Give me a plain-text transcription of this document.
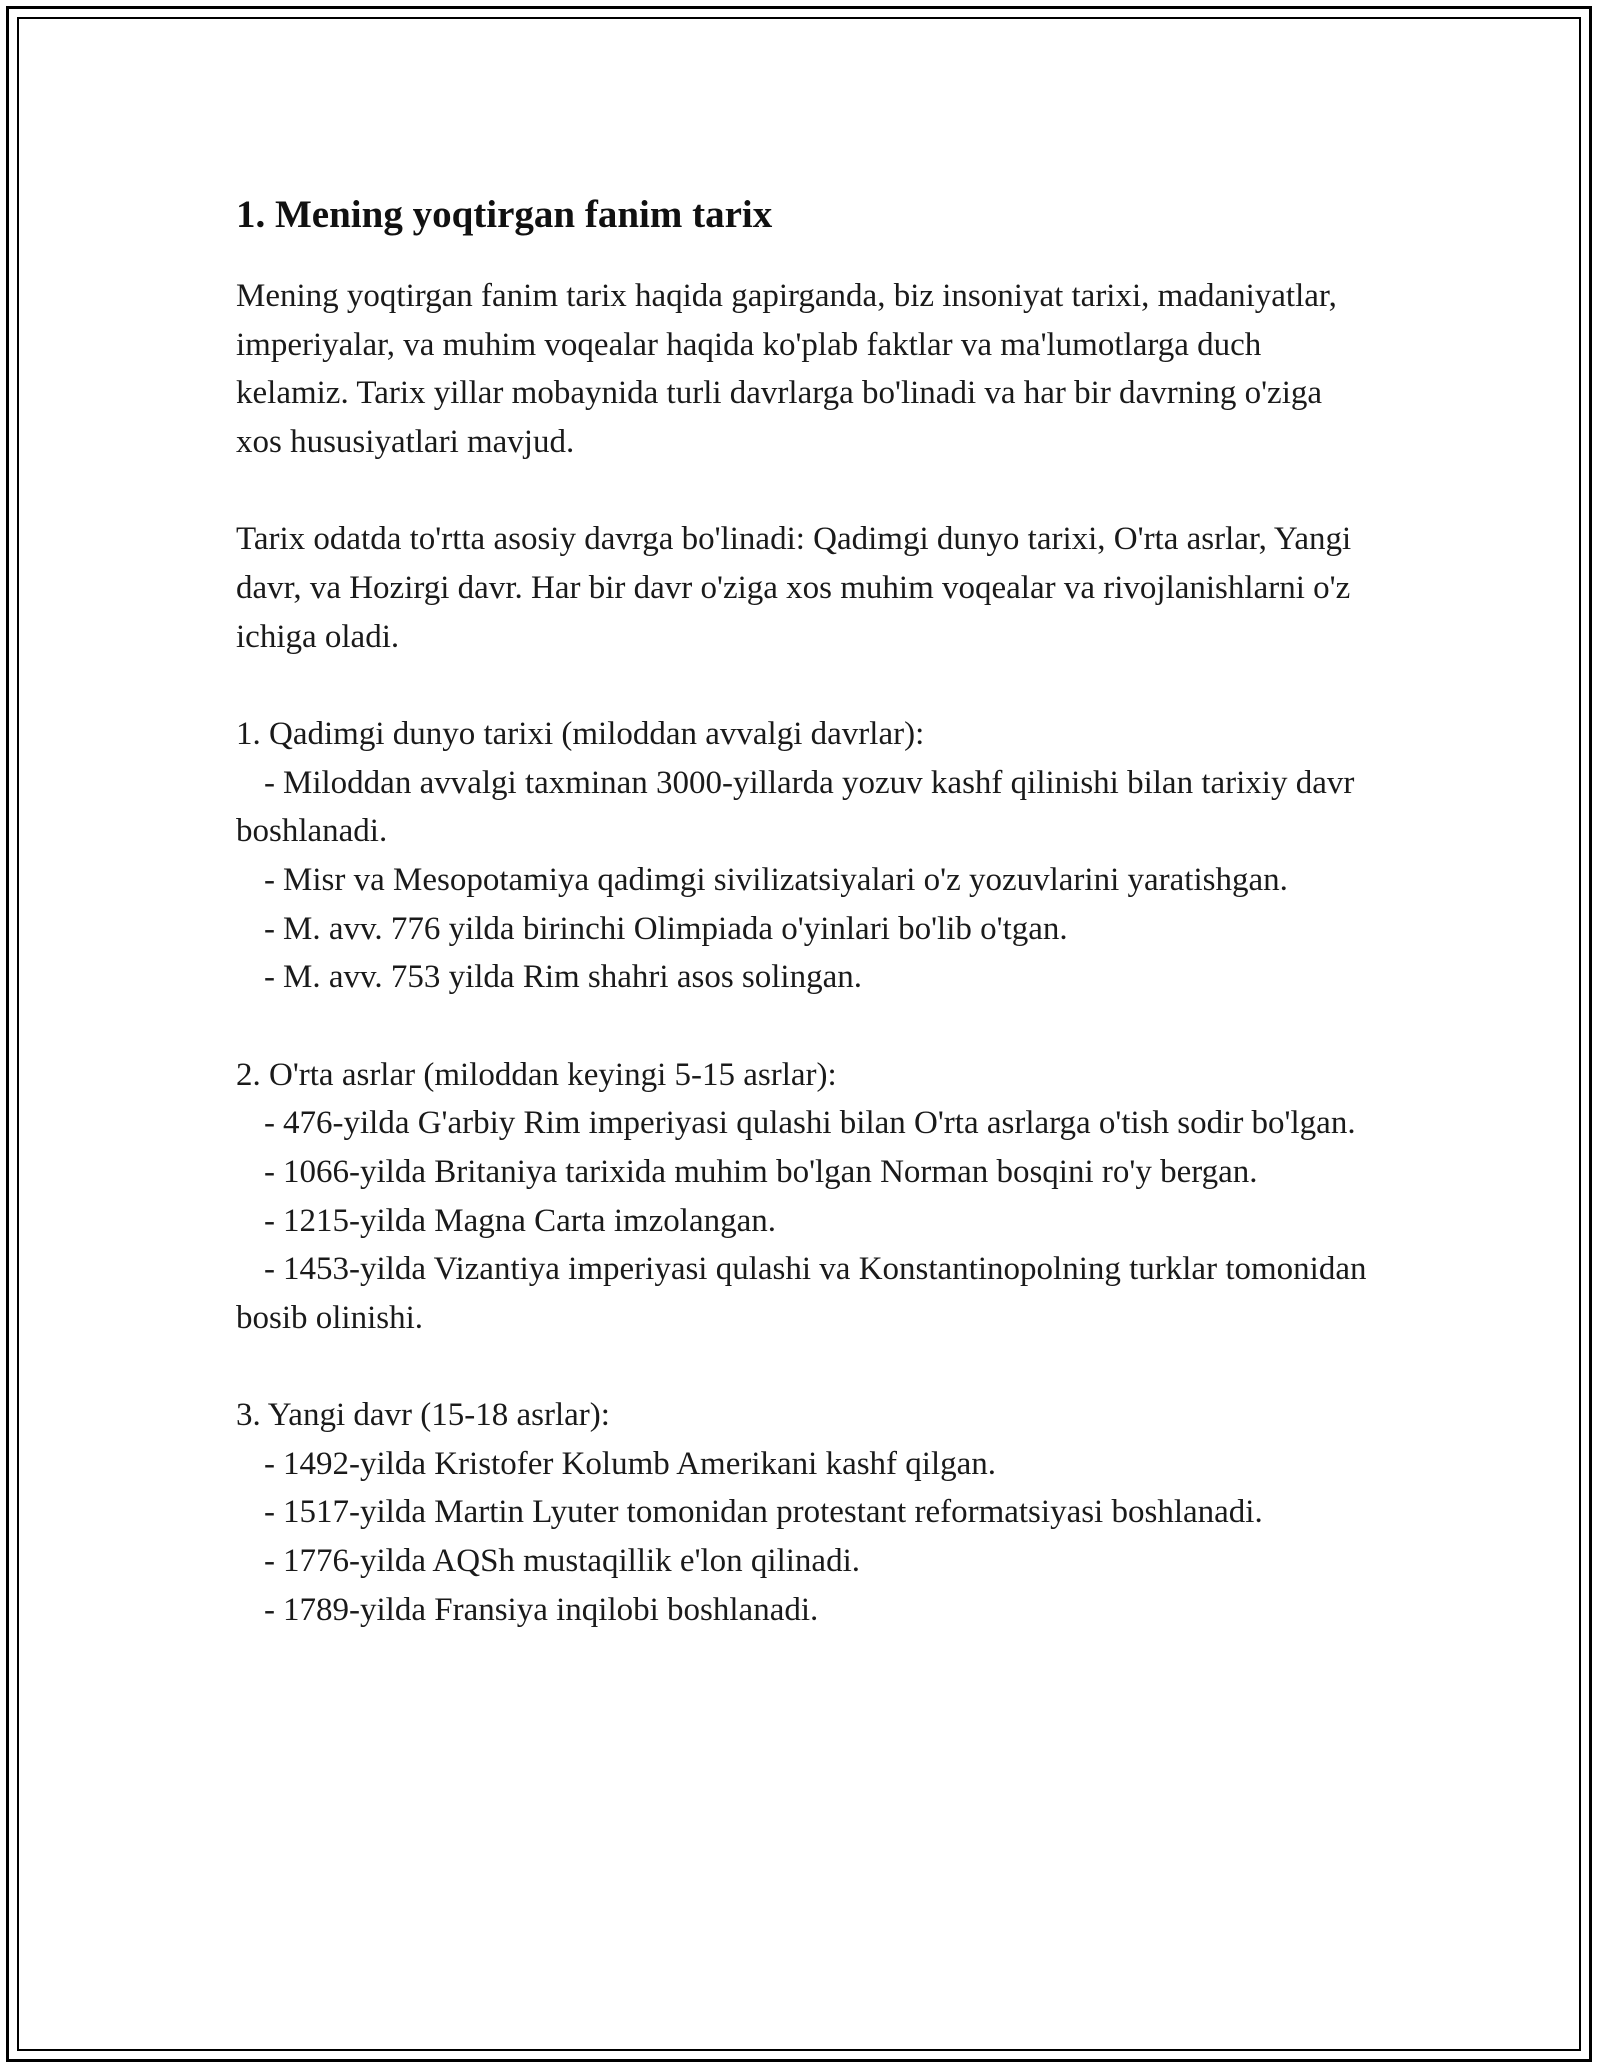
1. Mening yoqtirgan fanim tarix

Mening yoqtirgan fanim tarix haqida gapirganda, biz insoniyat tarixi, madaniyatlar, imperiyalar, va muhim voqealar haqida ko'plab faktlar va ma'lumotlarga duch kelamiz. Tarix yillar mobaynida turli davrlarga bo'linadi va har bir davrning o'ziga xos hususiyatlari mavjud.

Tarix odatda to'rtta asosiy davrga bo'linadi: Qadimgi dunyo tarixi, O'rta asrlar, Yangi davr, va Hozirgi davr. Har bir davr o'ziga xos muhim voqealar va rivojlanishlarni o'z ichiga oladi.

1. Qadimgi dunyo tarixi (miloddan avvalgi davrlar):
- Miloddan avvalgi taxminan 3000-yillarda yozuv kashf qilinishi bilan tarixiy davr boshlanadi.
- Misr va Mesopotamiya qadimgi sivilizatsiyalari o'z yozuvlarini yaratishgan.
- M. avv. 776 yilda birinchi Olimpiada o'yinlari bo'lib o'tgan.
- M. avv. 753 yilda Rim shahri asos solingan.
2. O'rta asrlar (miloddan keyingi 5-15 asrlar):
- 476-yilda G'arbiy Rim imperiyasi qulashi bilan O'rta asrlarga o'tish sodir bo'lgan.
- 1066-yilda Britaniya tarixida muhim bo'lgan Norman bosqini ro'y bergan.
- 1215-yilda Magna Carta imzolangan.
- 1453-yilda Vizantiya imperiyasi qulashi va Konstantinopolning turklar tomonidan bosib olinishi.
3. Yangi davr (15-18 asrlar):
- 1492-yilda Kristofer Kolumb Amerikani kashf qilgan.
- 1517-yilda Martin Lyuter tomonidan protestant reformatsiyasi boshlanadi.
- 1776-yilda AQSh mustaqillik e'lon qilinadi.
- 1789-yilda Fransiya inqilobi boshlanadi.
